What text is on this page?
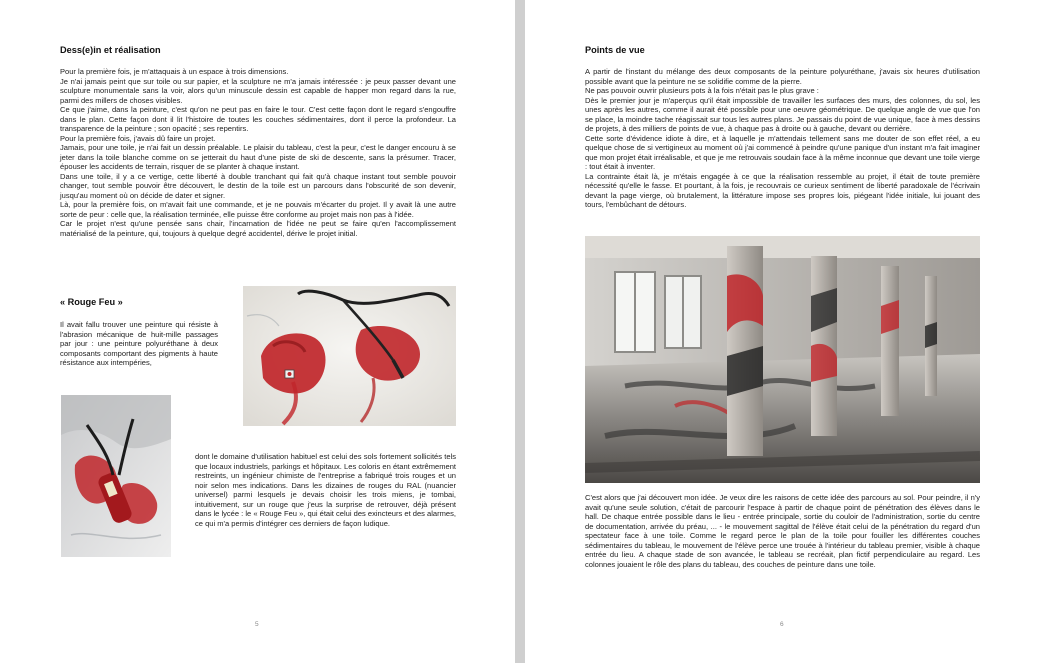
Dess(e)in et réalisation

Pour la première fois, je m'attaquais à un espace à trois dimensions.

Je n'ai jamais peint que sur toile ou sur papier, et la sculpture ne m'a jamais intéressée : je peux passer devant une sculpture monumentale sans la voir, alors qu'un minuscule dessin est capable de happer mon regard dans la rue, parmi des millers de choses visibles.

Ce que j'aime, dans la peinture, c'est qu'on ne peut pas en faire le tour. C'est cette façon dont le regard s'engouffre dans le plan. Cette façon dont il lit l'histoire de toutes les couches sédimentaires, dont il perce la profondeur. La transparence de la peinture ; son opacité ; ses repentirs.

Pour la première fois, j'avais dû faire un projet.

Jamais, pour une toile, je n'ai fait un dessin préalable. Le plaisir du tableau, c'est la peur, c'est le danger encouru à se jeter dans la toile blanche comme on se jetterait du haut d'une piste de ski de descente, sans la présumer. Tracer, épouser les accidents de terrain, risquer de se planter à chaque instant.

Dans une toile, il y a ce vertige, cette liberté à double tranchant qui fait qu'à chaque instant tout semble pouvoir changer, tout semble pouvoir être découvert, le destin de la toile est un parcours dans l'obscurité de son devenir, jusqu'au moment où on décide de dater et signer.

Là, pour la première fois, on m'avait fait une commande, et je ne pouvais m'écarter du projet. Il y avait là une autre sorte de peur : celle que, la réalisation terminée, elle puisse être conforme au projet mais non pas à l'idée.

Car le projet n'est qu'une pensée sans chair, l'incarnation de l'idée ne peut se faire qu'en l'accomplissement matérialisé de la peinture, qui, toujours à quelque degré accidentel, dérive le projet initial.

« Rouge Feu »

Il avait fallu trouver une peinture qui résiste à l'abrasion mécanique de huit-mille passages par jour : une peinture polyuréthane à deux composants comportant des pigments à haute résistance aux intempéries,

dont le domaine d'utilisation habituel est celui des sols fortement sollicités tels que locaux industriels, parkings et hôpitaux. Les coloris en étant extrêmement restreints, un ingénieur chimiste de l'entreprise a fabriqué trois rouges et un noir selon mes indications. Dans les dizaines de rouges du RAL (nuancier universel) parmi lesquels je devais choisir les trois miens, je tombai, intuitivement, sur un rouge que j'eus la surprise de retrouver, déjà présent dans le lycée : le « Rouge Feu », qui était celui des exincteurs et des alarmes, ce qui m'a permis d'intégrer ces derniers de façon ludique.

5
Points de vue

A partir de l'instant du mélange des deux composants de la peinture polyuréthane, j'avais six heures d'utilisation possible avant que la peinture ne se solidifie comme de la pierre.

Ne pas pouvoir ouvrir plusieurs pots à la fois n'était pas le plus grave :

Dès le premier jour je m'aperçus qu'il était impossible de travailler les surfaces des murs, des colonnes, du sol, les unes après les autres, comme il aurait été possible pour une oeuvre géométrique. De quelque angle de vue que l'on se place, la moindre tache réagissait sur tous les autres plans. Je passais du point de vue unique, face à mes dessins de projets, à des milliers de points de vue, à chaque pas à droite ou à gauche, devant ou derrière.

Cette sorte d'évidence idiote à dire, et à laquelle je m'attendais tellement sans me douter de son effet réel, a eu quelque chose de si vertigineux au moment où j'ai commencé à peindre qu'une panique d'un instant m'a fait imaginer que mon projet était irréalisable, et que je me retrouvais soudain face à la même inconnue que devant une toile vierge : tout était à inventer.

La contrainte était là, je m'étais engagée à ce que la réalisation ressemble au projet, il était de toute première nécessité qu'elle le fasse. Et pourtant, à la fois, je recouvrais ce curieux sentiment de liberté paradoxale de l'écrivain devant la page vierge, où brutalement, la littérature impose ses propres lois, piégeant l'idée initiale, lui jouant des tours, l'embûchant de détours.

C'est alors que j'ai découvert mon idée. Je veux dire les raisons de cette idée des parcours au sol. Pour peindre, il n'y avait qu'une seule solution, c'était de parcourir l'espace à partir de chaque point de pénétration des élèves dans le hall. De chaque entrée possible dans le lieu - entrée principale, sortie du couloir de l'administration, sortie du centre de documentation, arrivée du préau, ... - le mouvement sagittal de l'élève était celui de la pénétration du regard d'un spectateur face à une toile. Comme le regard perce le plan de la toile pour fouiller les différentes couches sédimentaires du tableau, le mouvement de l'élève perce une trouée à l'intérieur du tableau premier, visible à chaque entrée du lieu. A chaque stade de son avancée, le tableau se recréait, plan fictif perpendiculaire au regard. Les colonnes jouaient le rôle des plans du tableau, des couches de peinture dans une toile.

6
